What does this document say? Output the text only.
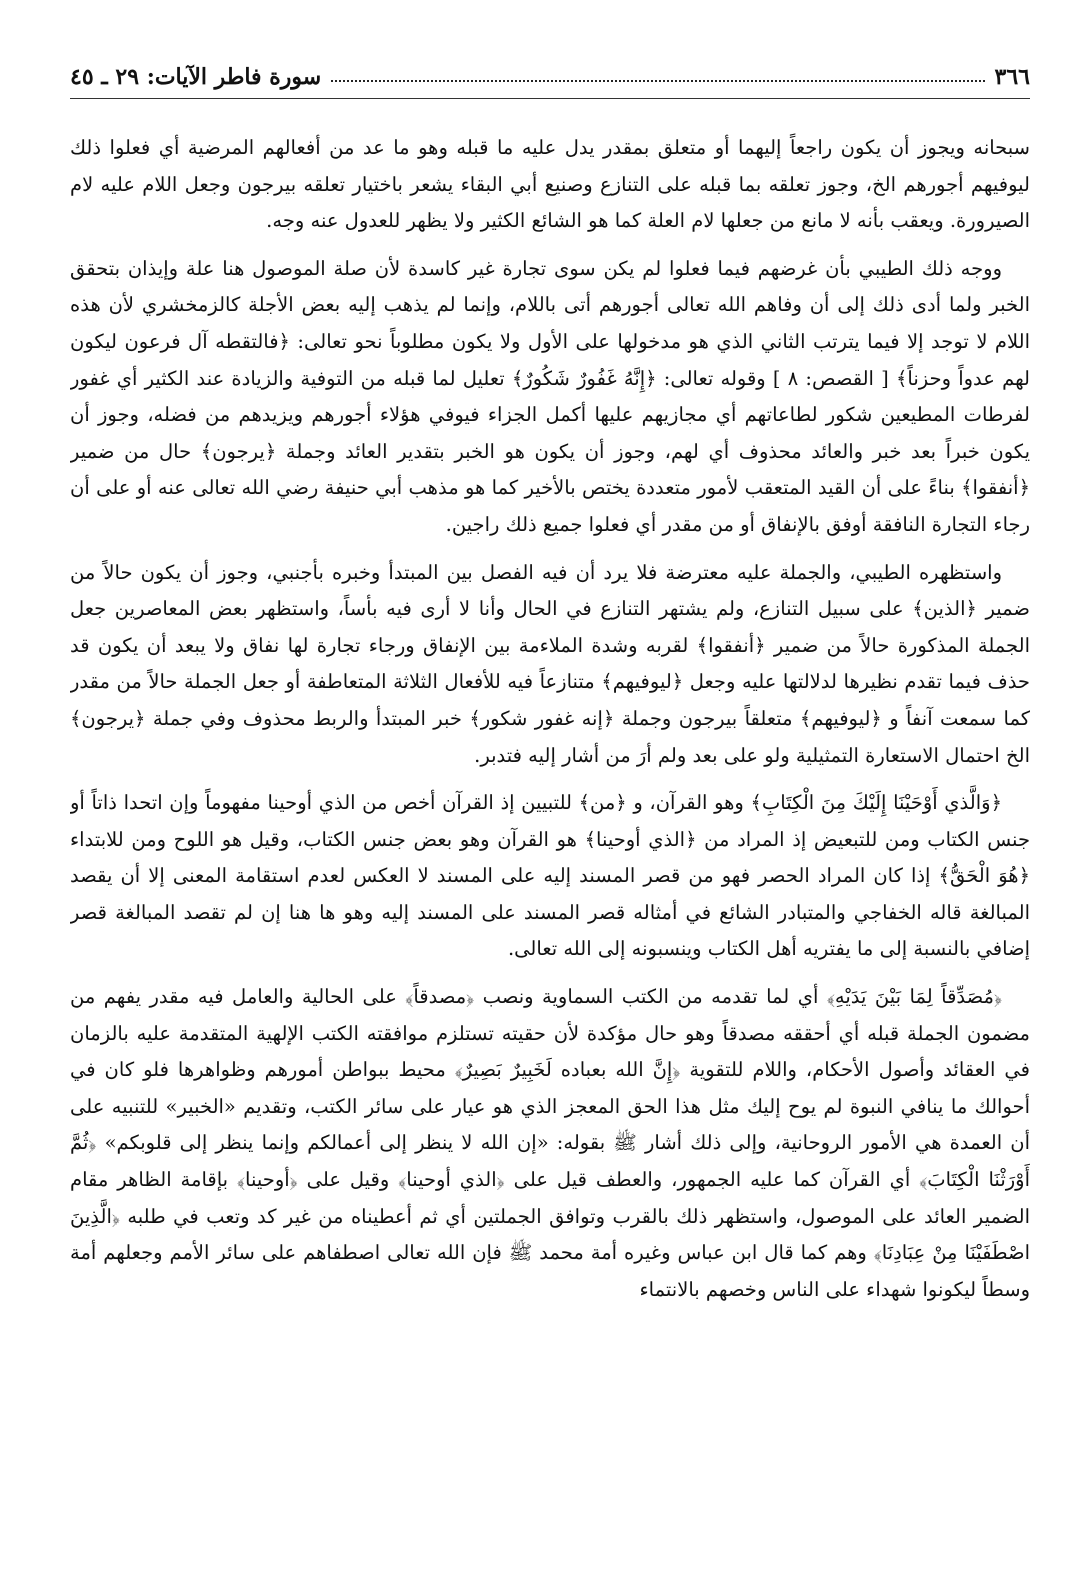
٣٦٦
سورة فاطر الآيات: ٢٩ ـ ٤٥

سبحانه ويجوز أن يكون راجعاً إليهما أو متعلق بمقدر يدل عليه ما قبله وهو ما عد من أفعالهم المرضية أي فعلوا ذلك ليوفيهم أجورهم الخ، وجوز تعلقه بما قبله على التنازع وصنيع أبي البقاء يشعر باختيار تعلقه بيرجون وجعل اللام عليه لام الصيرورة. ويعقب بأنه لا مانع من جعلها لام العلة كما هو الشائع الكثير ولا يظهر للعدول عنه وجه.

ووجه ذلك الطيبي بأن غرضهم فيما فعلوا لم يكن سوى تجارة غير كاسدة لأن صلة الموصول هنا علة وإيذان بتحقق الخبر ولما أدى ذلك إلى أن وفاهم الله تعالى أجورهم أتى باللام، وإنما لم يذهب إليه بعض الأجلة كالزمخشري لأن هذه اللام لا توجد إلا فيما يترتب الثاني الذي هو مدخولها على الأول ولا يكون مطلوباً نحو تعالى: ﴿فالتقطه آل فرعون ليكون لهم عدواً وحزناً﴾ [ القصص: ٨ ] وقوله تعالى: ﴿إِنَّهُ غَفُورٌ شَكُورٌ﴾ تعليل لما قبله من التوفية والزيادة عند الكثير أي غفور لفرطات المطيعين شكور لطاعاتهم أي مجازيهم عليها أكمل الجزاء فيوفي هؤلاء أجورهم ويزيدهم من فضله، وجوز أن يكون خبراً بعد خبر والعائد محذوف أي لهم، وجوز أن يكون هو الخبر بتقدير العائد وجملة ﴿يرجون﴾ حال من ضمير ﴿أنفقوا﴾ بناءً على أن القيد المتعقب لأمور متعددة يختص بالأخير كما هو مذهب أبي حنيفة رضي الله تعالى عنه أو على أن رجاء التجارة النافقة أوفق بالإنفاق أو من مقدر أي فعلوا جميع ذلك راجين.

واستظهره الطيبي، والجملة عليه معترضة فلا يرد أن فيه الفصل بين المبتدأ وخبره بأجنبي، وجوز أن يكون حالاً من ضمير ﴿الذين﴾ على سبيل التنازع، ولم يشتهر التنازع في الحال وأنا لا أرى فيه بأساً، واستظهر بعض المعاصرين جعل الجملة المذكورة حالاً من ضمير ﴿أنفقوا﴾ لقربه وشدة الملاءمة بين الإنفاق ورجاء تجارة لها نفاق ولا يبعد أن يكون قد حذف فيما تقدم نظيرها لدلالتها عليه وجعل ﴿ليوفيهم﴾ متنازعاً فيه للأفعال الثلاثة المتعاطفة أو جعل الجملة حالاً من مقدر كما سمعت آنفاً و ﴿ليوفيهم﴾ متعلقاً بيرجون وجملة ﴿إنه غفور شكور﴾ خبر المبتدأ والربط محذوف وفي جملة ﴿يرجون﴾ الخ احتمال الاستعارة التمثيلية ولو على بعد ولم أرَ من أشار إليه فتدبر.

﴿وَالَّذي أَوْحَيْنَا إِلَيْكَ مِنَ الْكِتَابِ﴾ وهو القرآن، و ﴿من﴾ للتبيين إذ القرآن أخص من الذي أوحينا مفهوماً وإن اتحدا ذاتاً أو جنس الكتاب ومن للتبعيض إذ المراد من ﴿الذي أوحينا﴾ هو القرآن وهو بعض جنس الكتاب، وقيل هو اللوح ومن للابتداء ﴿هُوَ الْحَقُّ﴾ إذا كان المراد الحصر فهو من قصر المسند إليه على المسند لا العكس لعدم استقامة المعنى إلا أن يقصد المبالغة قاله الخفاجي والمتبادر الشائع في أمثاله قصر المسند على المسند إليه وهو ها هنا إن لم تقصد المبالغة قصر إضافي بالنسبة إلى ما يفتريه أهل الكتاب وينسبونه إلى الله تعالى.

﴿مُصَدِّقاً لِمَا بَيْنَ يَدَيْهِ﴾ أي لما تقدمه من الكتب السماوية ونصب ﴿مصدقاً﴾ على الحالية والعامل فيه مقدر يفهم من مضمون الجملة قبله أي أحققه مصدقاً وهو حال مؤكدة لأن حقيته تستلزم موافقته الكتب الإلهية المتقدمة عليه بالزمان في العقائد وأصول الأحكام، واللام للتقوية ﴿إِنَّ الله بعباده لَخَبِيرٌ بَصِيرٌ﴾ محيط ببواطن أمورهم وظواهرها فلو كان في أحوالك ما ينافي النبوة لم يوح إليك مثل هذا الحق المعجز الذي هو عيار على سائر الكتب، وتقديم «الخبير» للتنبيه على أن العمدة هي الأمور الروحانية، وإلى ذلك أشار ﷺ بقوله: «إن الله لا ينظر إلى أعمالكم وإنما ينظر إلى قلوبكم» ﴿ثُمَّ أَوْرَثْنَا الْكِتَابَ﴾ أي القرآن كما عليه الجمهور، والعطف قيل على ﴿الذي أوحينا﴾ وقيل على ﴿أوحينا﴾ بإقامة الظاهر مقام الضمير العائد على الموصول، واستظهر ذلك بالقرب وتوافق الجملتين أي ثم أعطيناه من غير كد وتعب في طلبه ﴿الَّذِينَ اصْطَفَيْنَا مِنْ عِبَادِنَا﴾ وهم كما قال ابن عباس وغيره أمة محمد ﷺ فإن الله تعالى اصطفاهم على سائر الأمم وجعلهم أمة وسطاً ليكونوا شهداء على الناس وخصهم بالانتماء
